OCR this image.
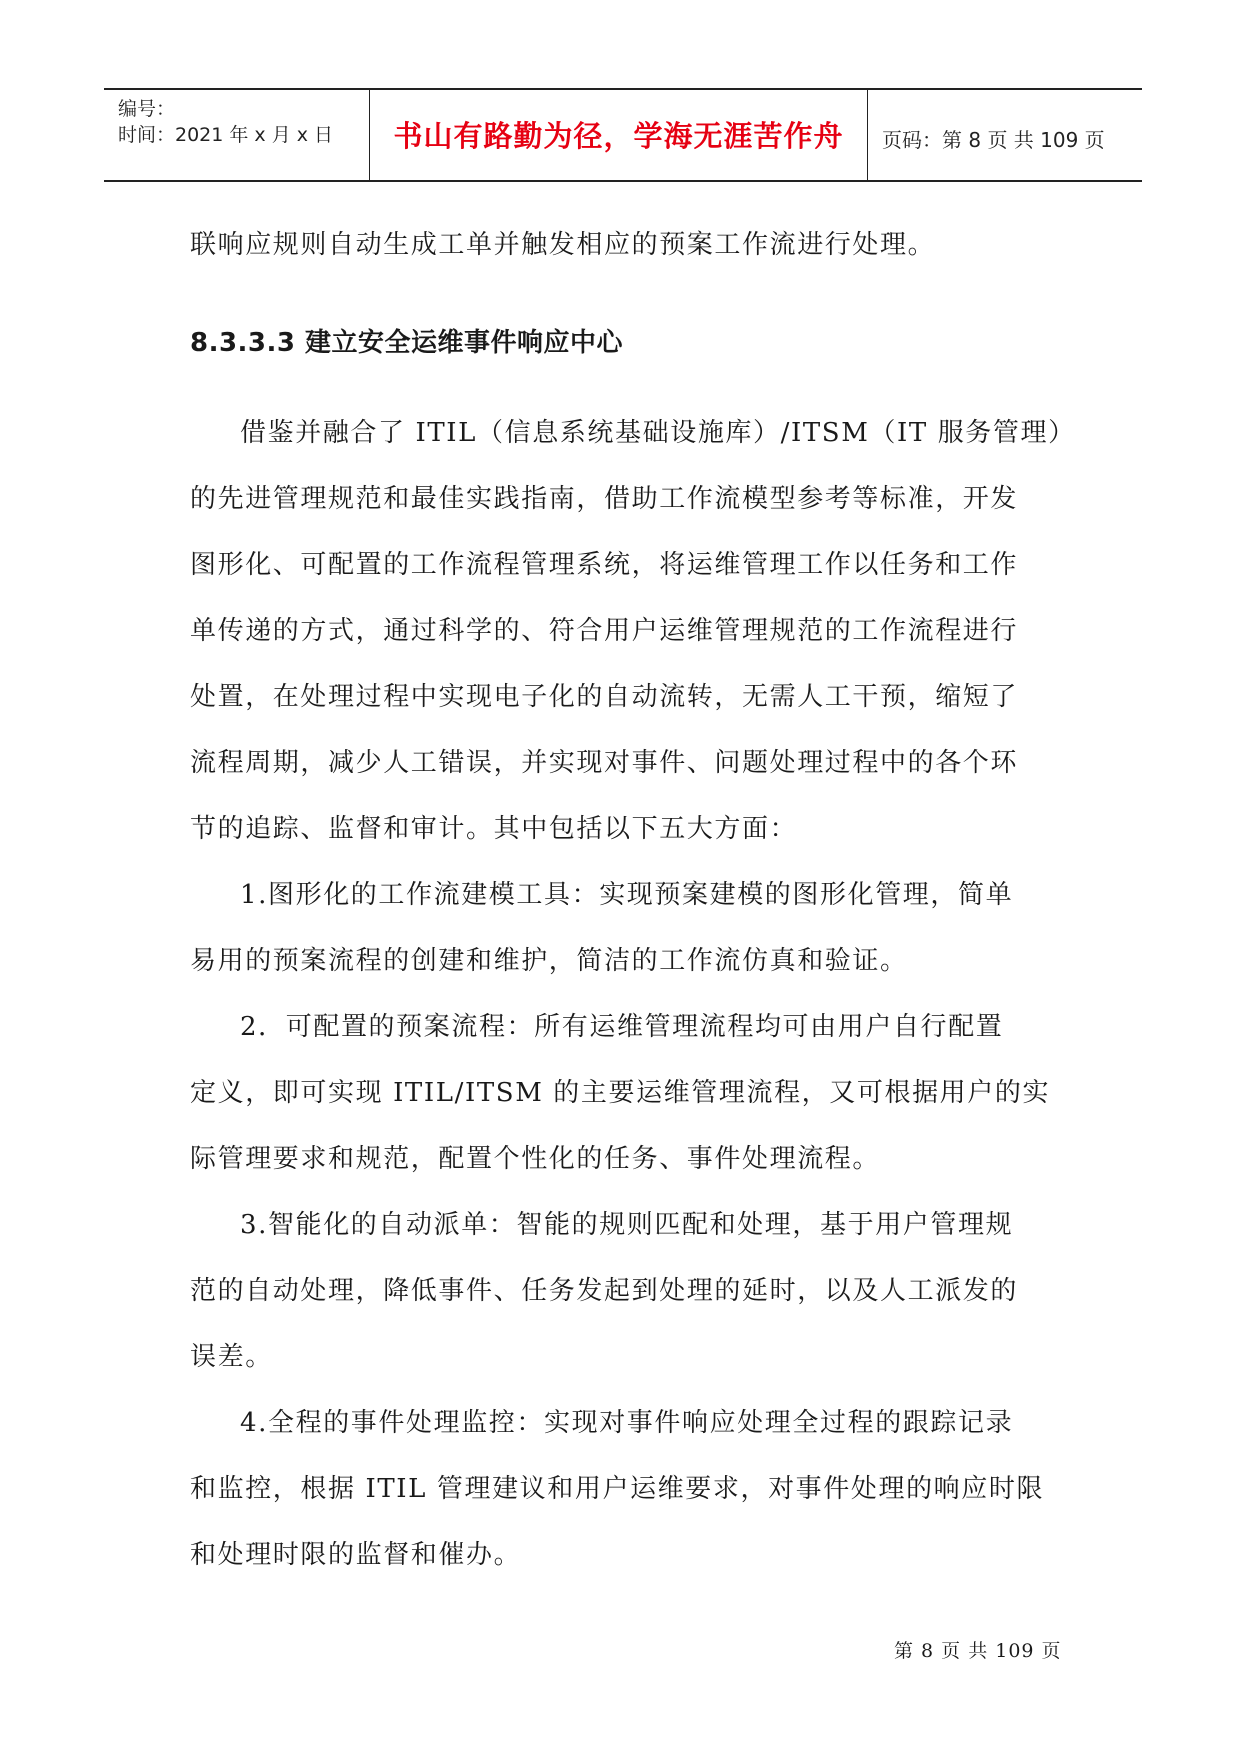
编号：
时间：2021 年 x 月 x 日	书山有路勤为径，学海无涯苦作舟	页码：第 8 页 共 109 页
联响应规则自动生成工单并触发相应的预案工作流进行处理。
8.3.3.3 建立安全运维事件响应中心
借鉴并融合了 ITIL（信息系统基础设施库）/ITSM（IT 服务管理）
的先进管理规范和最佳实践指南，借助工作流模型参考等标准，开发
图形化、可配置的工作流程管理系统，将运维管理工作以任务和工作
单传递的方式，通过科学的、符合用户运维管理规范的工作流程进行
处置，在处理过程中实现电子化的自动流转，无需人工干预，缩短了
流程周期，减少人工错误，并实现对事件、问题处理过程中的各个环
节的追踪、监督和审计。其中包括以下五大方面：
1.图形化的工作流建模工具：实现预案建模的图形化管理，简单
易用的预案流程的创建和维护，简洁的工作流仿真和验证。
2．可配置的预案流程：所有运维管理流程均可由用户自行配置
定义，即可实现 ITIL/ITSM 的主要运维管理流程，又可根据用户的实
际管理要求和规范，配置个性化的任务、事件处理流程。
3.智能化的自动派单：智能的规则匹配和处理，基于用户管理规
范的自动处理，降低事件、任务发起到处理的延时，以及人工派发的
误差。
4.全程的事件处理监控：实现对事件响应处理全过程的跟踪记录
和监控，根据 ITIL 管理建议和用户运维要求，对事件处理的响应时限
和处理时限的监督和催办。
第 8 页 共 109 页
